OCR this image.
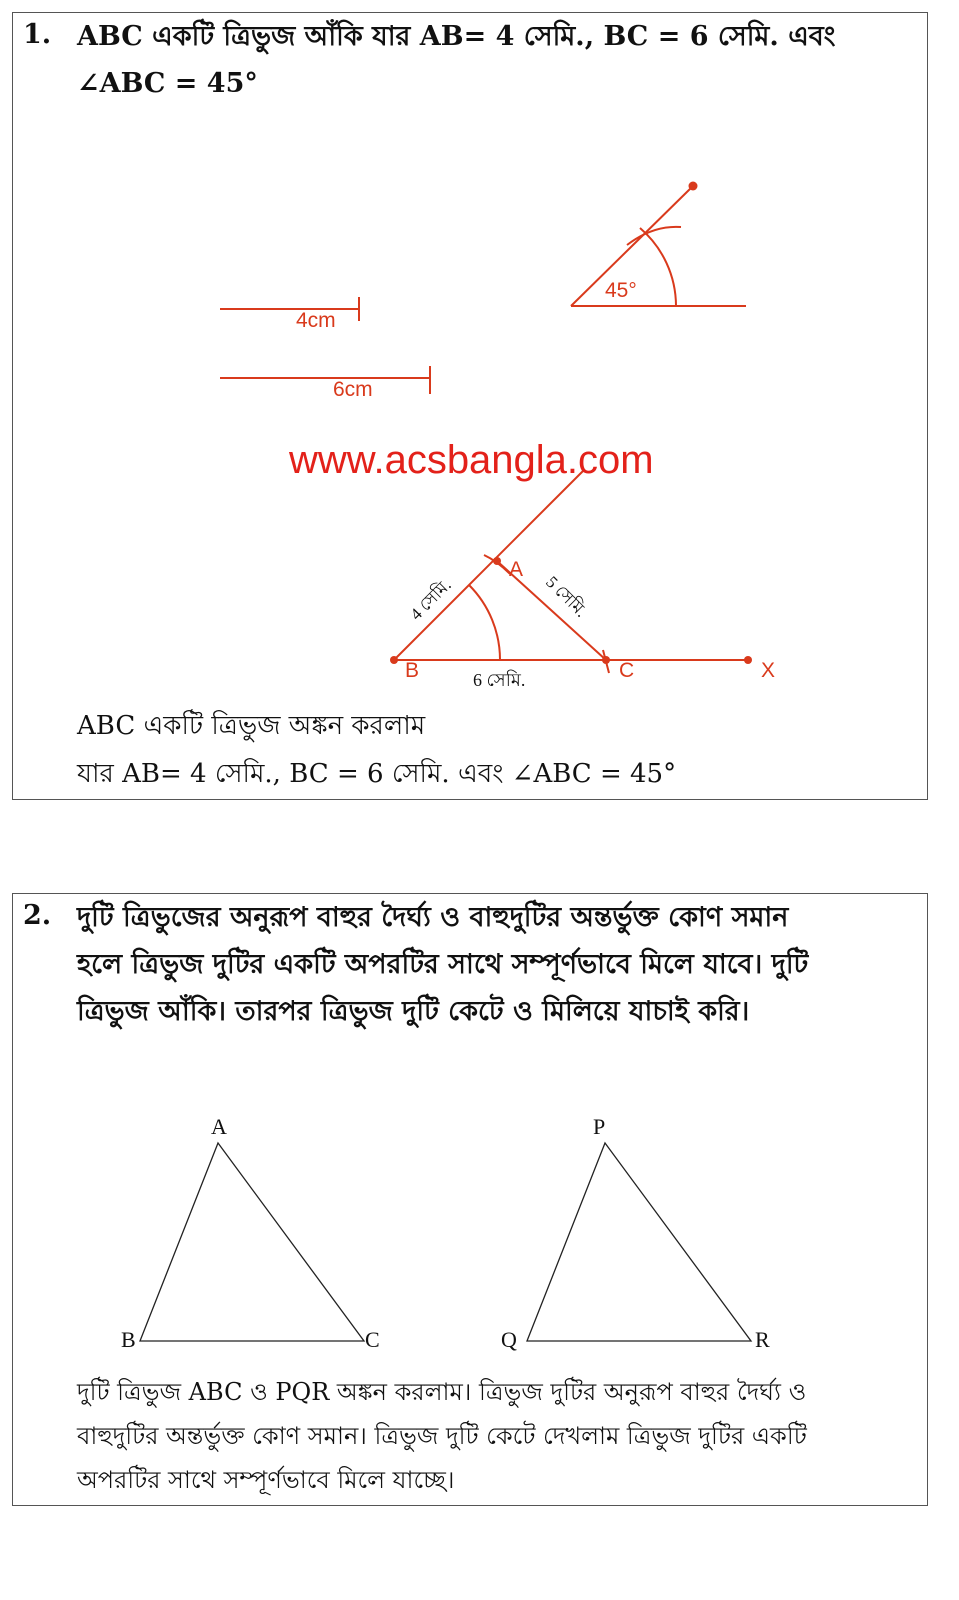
1. ABC একটি ত্রিভুজ আঁকি যার AB= 4 সেমি., BC = 6 সেমি. এবং
∠ABC = 45°
4cm
6cm
45°
www.acsbangla.com
A
B	C	X
4 সেমি.	5 সেমি.
6 সেমি.
ABC একটি ত্রিভুজ অঙ্কন করলাম
যার AB= 4 সেমি., BC = 6 সেমি. এবং ∠ABC = 45°
2. দুটি ত্রিভুজের অনুরূপ বাহুর দৈর্ঘ্য ও বাহুদুটির অন্তর্ভুক্ত কোণ সমান
হলে ত্রিভুজ দুটির একটি অপরটির সাথে সম্পূর্ণভাবে মিলে যাবে। দুটি
ত্রিভুজ আঁকি। তারপর ত্রিভুজ দুটি কেটে ও মিলিয়ে যাচাই করি।
A
B	C
P
Q	R
দুটি ত্রিভুজ ABC ও PQR অঙ্কন করলাম। ত্রিভুজ দুটির অনুরূপ বাহুর দৈর্ঘ্য ও
বাহুদুটির অন্তর্ভুক্ত কোণ সমান। ত্রিভুজ দুটি কেটে দেখলাম ত্রিভুজ দুটির একটি
অপরটির সাথে সম্পূর্ণভাবে মিলে যাচ্ছে।
